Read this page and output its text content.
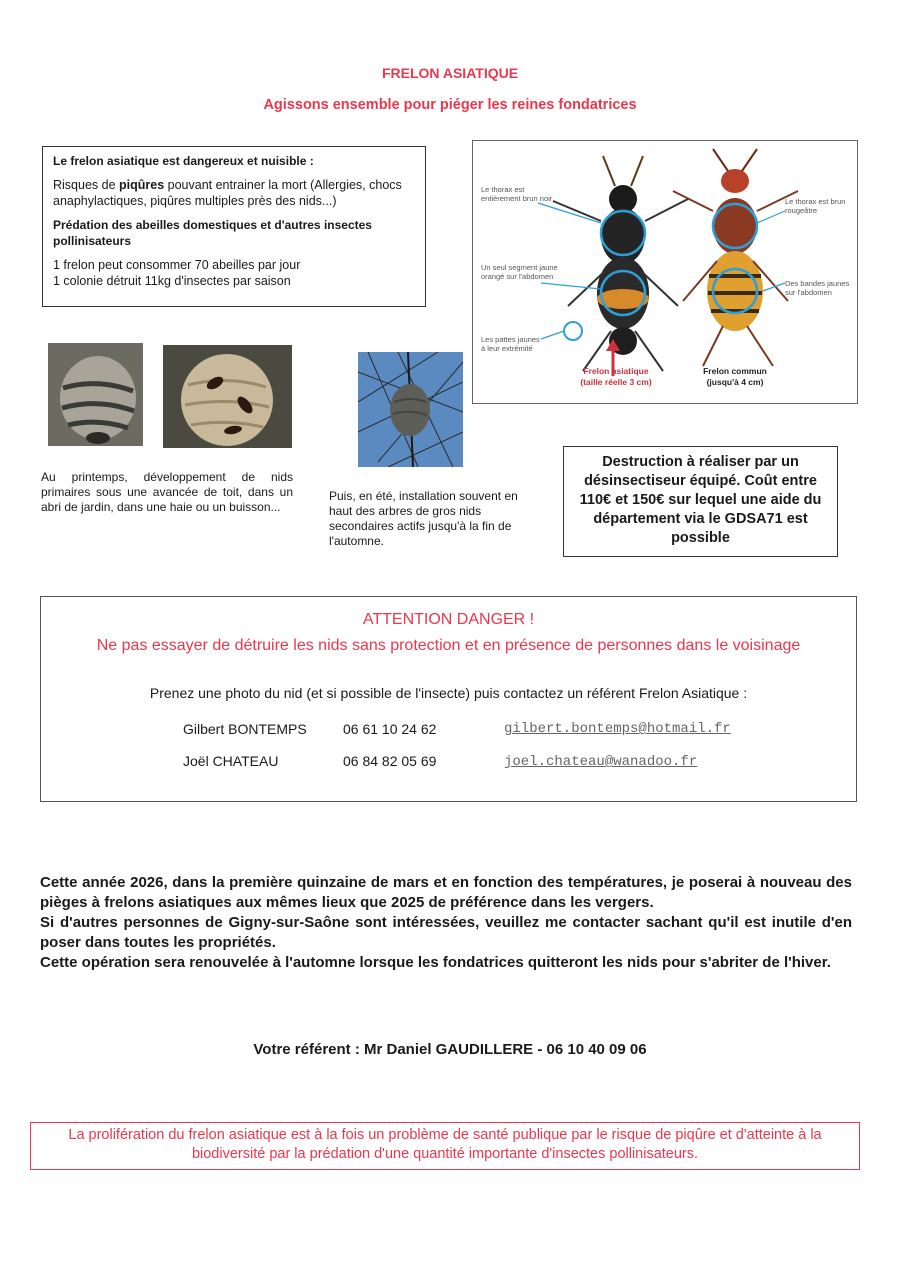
FRELON ASIATIQUE
Agissons ensemble pour piéger les reines fondatrices

Le frelon asiatique est dangereux et nuisible :

Risques de piqûres pouvant entrainer la mort (Allergies, chocs anaphylactiques, piqûres multiples près des nids...)

Prédation des abeilles domestiques et d'autres insectes pollinisateurs

1 frelon peut consommer 70 abeilles par jour
1 colonie détruit 11kg d'insectes par saison
Le thorax est entièrement brun noir
Un seul segment jaune orangé sur l'abdomen
Les pattes jaunes à leur extrémité
Le thorax est brun rougeâtre
Des bandes jaunes sur l'abdomen
Frelon asiatique
(taille réelle 3 cm)
Frelon commun
(jusqu'à 4 cm)
Au printemps, développement de nids primaires sous une avancée de toit, dans un abri de jardin, dans une haie ou un buisson...
Puis, en été, installation souvent en haut des arbres de gros nids secondaires actifs jusqu'à la fin de l'automne.
Destruction à réaliser par un désinsectiseur équipé. Coût entre 110€ et 150€ sur lequel une aide du département via le GDSA71 est possible
ATTENTION DANGER !
Ne pas essayer de détruire les nids sans protection et en présence de personnes dans le voisinage
Prenez une photo du nid (et si possible de l'insecte) puis contactez un référent Frelon Asiatique :
Gilbert BONTEMPS	06 61 10 24 62	gilbert.bontemps@hotmail.fr
Joël CHATEAU	06 84 82 05 69	joel.chateau@wanadoo.fr
Cette année 2026, dans la première quinzaine de mars et en fonction des températures, je poserai à nouveau des pièges à frelons asiatiques aux mêmes lieux que 2025 de préférence dans les vergers.
Si d'autres personnes de Gigny-sur-Saône sont intéressées, veuillez me contacter sachant qu'il est inutile d'en poser dans toutes les propriétés.
Cette opération sera renouvelée à l'automne lorsque les fondatrices quitteront les nids pour s'abriter de l'hiver.
Votre référent : Mr Daniel GAUDILLERE - 06 10 40 09 06
La prolifération du frelon asiatique est à la fois un problème de santé publique par le risque de piqûre et d'atteinte à la biodiversité par la prédation d'une quantité importante d'insectes pollinisateurs.
